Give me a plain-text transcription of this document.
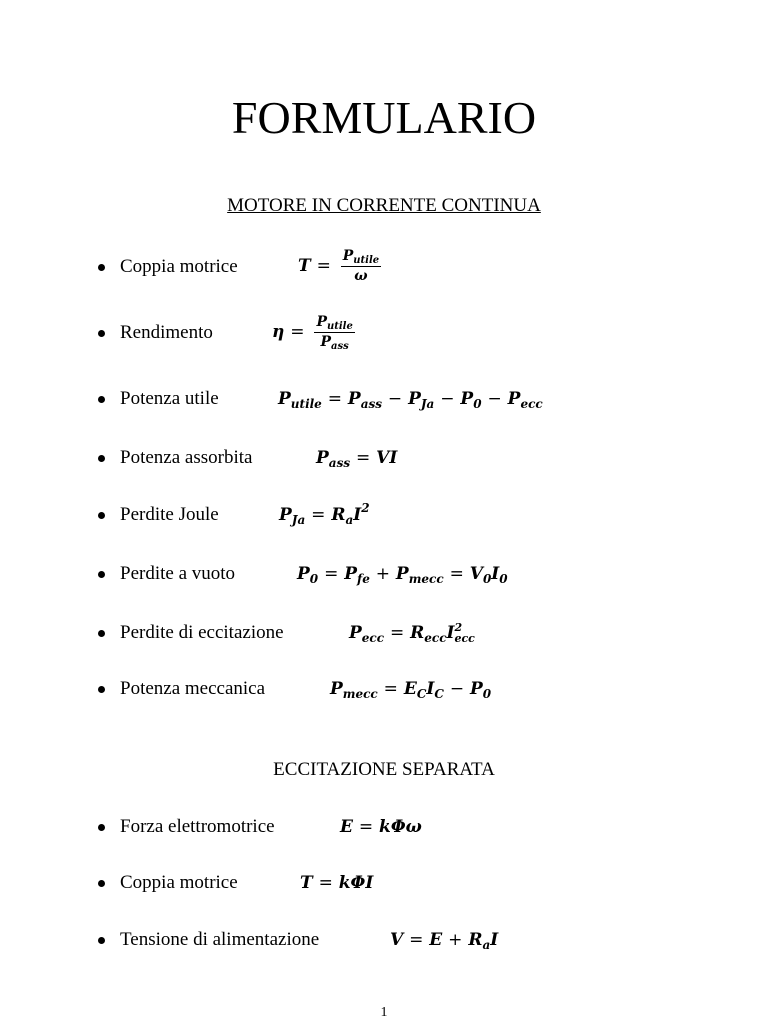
FORMULARIO
MOTORE IN CORRENTE CONTINUA
Coppia motrice	$T = \frac{P_{utile}}{\omega}$
Rendimento	$\eta = \frac{P_{utile}}{P_{ass}}$
Potenza utile	$P_{utile} = P_{ass} - P_{Ja} - P_0 - P_{ecc}$
Potenza assorbita	$P_{ass}$ = VI
Perdite Joule	$P_{Ja} = R_aI^2$
Perdite a vuoto	$P_0 = P_{fe} + P_{mecc} = V_0I_0$
Perdite di eccitazione	$P_{ecc} = R_{ecc}I$ 2
ecc
Potenza meccanica	$P_{mecc} = E_CI_C - P_0$
ECCITAZIONE SEPARATA
Forza elettromotrice	E = kΦω
Coppia motrice	T = kΦI
Tensione di alimentazione	$V = E + R_aI$
1
